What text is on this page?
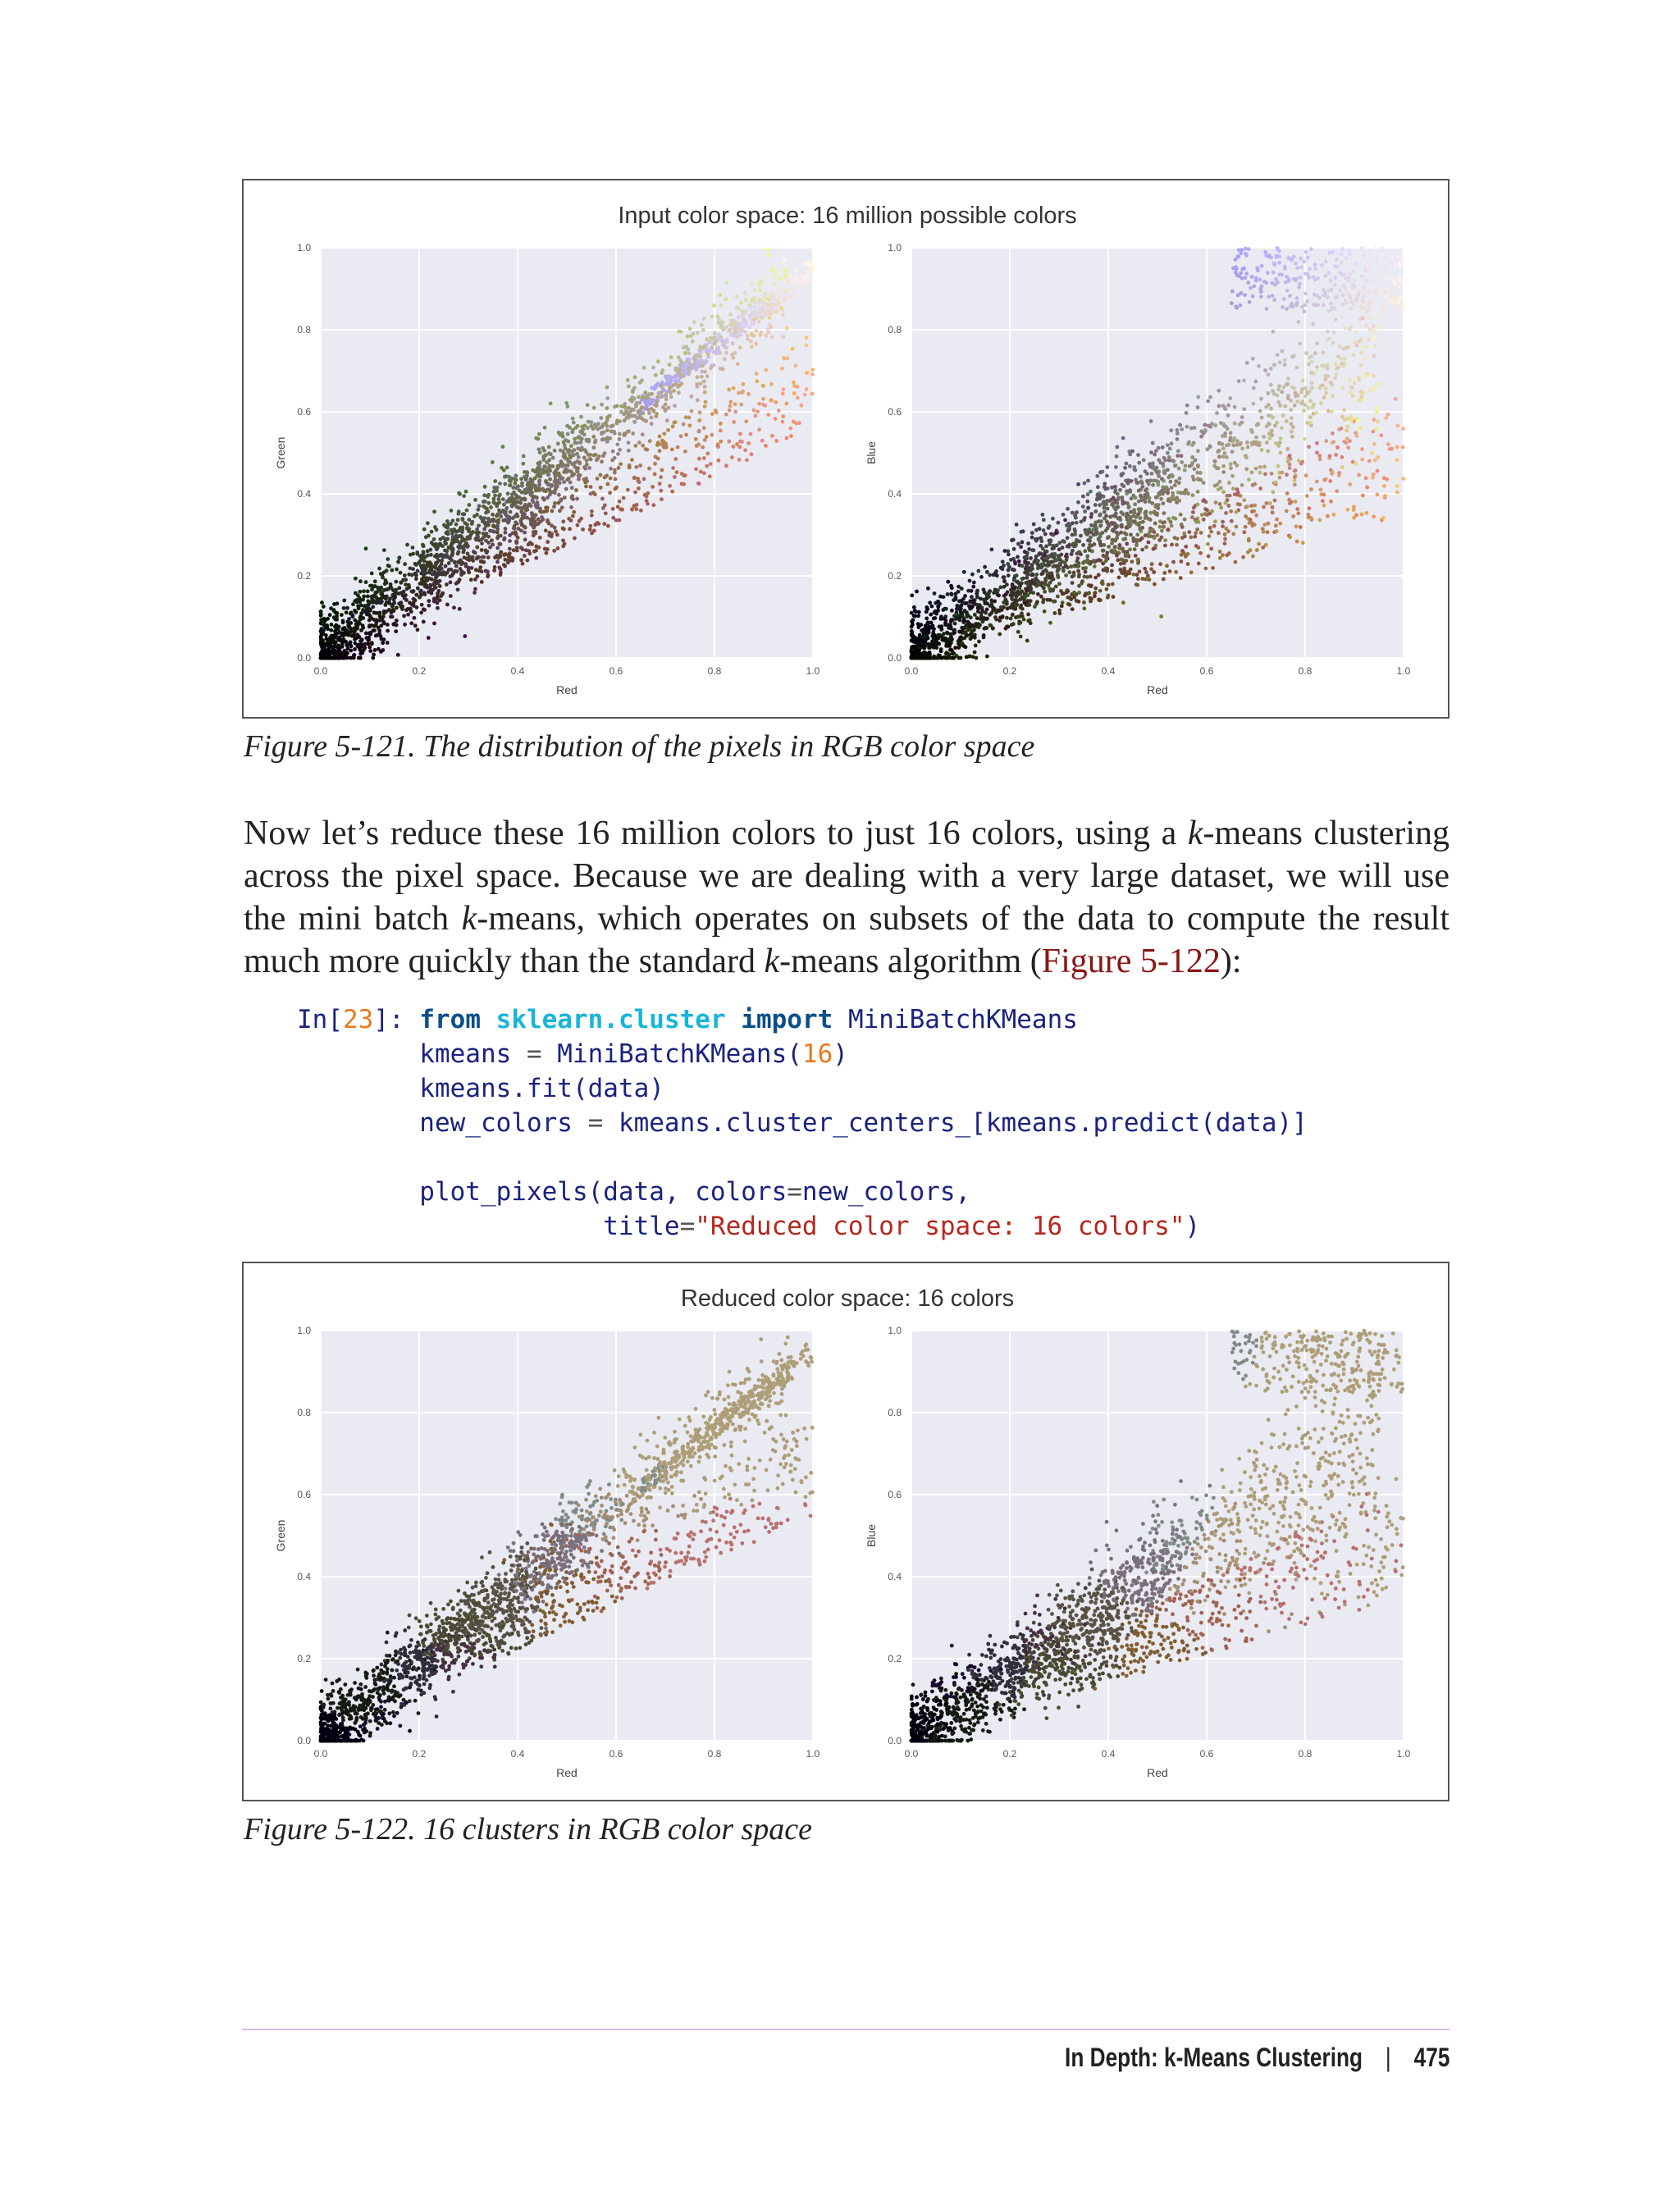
Input color space: 16 million possible colors
0.0	0.2	0.4	0.6	0.8	1.0
0.0
0.2
0.4
0.6
0.8
1.0
Red
Green
0.0	0.2	0.4	0.6	0.8	1.0
0.0
0.2
0.4
0.6
0.8
1.0
Red
Blue
Figure 5-121. The distribution of the pixels in RGB color space

Now let’s reduce these 16 million colors to just 16 colors, using a k-means clustering across the pixel space. Because we are dealing with a very large dataset, we will use the mini batch k-means, which operates on subsets of the data to compute the result much more quickly than the standard k-means algorithm (Figure 5-122):

In[23]: from sklearn.cluster import MiniBatchKMeans
kmeans = MiniBatchKMeans(16)
kmeans.fit(data)
new_colors = kmeans.cluster_centers_[kmeans.predict(data)]
plot_pixels(data, colors=new_colors,
title="Reduced color space: 16 colors")
Reduced color space: 16 colors
0.0	0.2	0.4	0.6	0.8	1.0
0.0
0.2
0.4
0.6
0.8
1.0
Red
Green
0.0	0.2	0.4	0.6	0.8	1.0
0.0
0.2
0.4
0.6
0.8
1.0
Red
Blue
Figure 5-122. 16 clusters in RGB color space
In Depth: k-Means Clustering | 475
